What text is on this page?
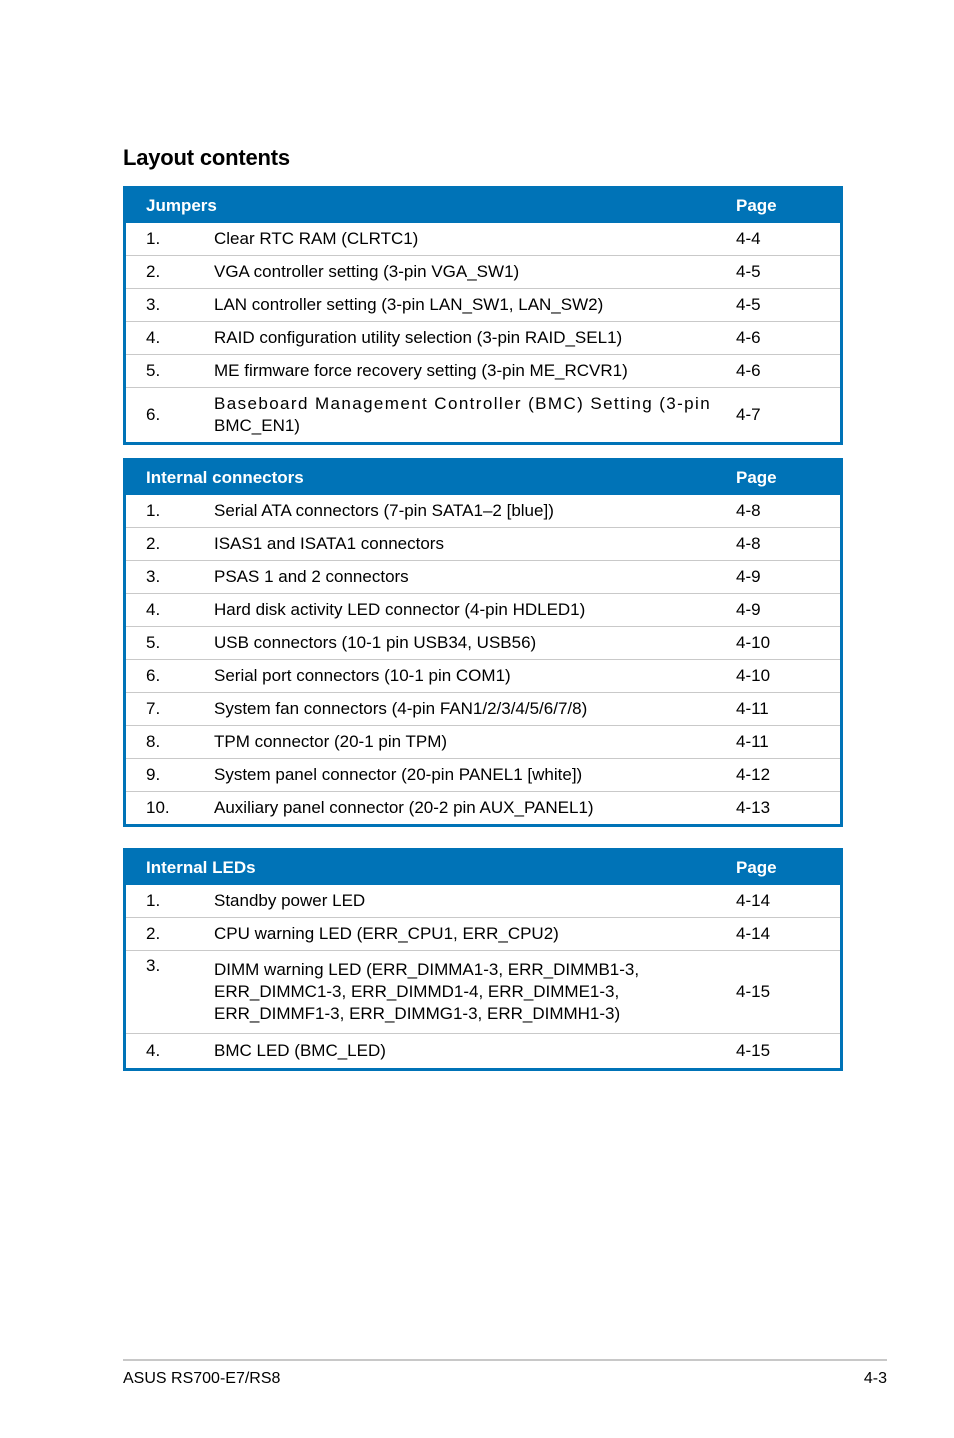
Layout contents
Jumpers		Page
1.	Clear RTC RAM (CLRTC1)	4-4
2.	VGA controller setting (3-pin VGA_SW1)	4-5
3.	LAN controller setting (3-pin LAN_SW1, LAN_SW2)	4-5
4.	RAID configuration utility selection (3-pin RAID_SEL1)	4-6
5.	ME firmware force recovery setting (3-pin ME_RCVR1)	4-6
6.	Baseboard Management Controller (BMC) Setting (3-pin
BMC_EN1)	4-7
Internal connectors		Page
1.	Serial ATA connectors (7-pin SATA1–2 [blue])	4-8
2.	ISAS1 and ISATA1 connectors	4-8
3.	PSAS 1 and 2 connectors	4-9
4.	Hard disk activity LED connector (4-pin HDLED1)	4-9
5.	USB connectors (10-1 pin USB34, USB56)	4-10
6.	Serial port connectors (10-1 pin COM1)	4-10
7.	System fan connectors (4-pin FAN1/2/3/4/5/6/7/8)	4-11
8.	TPM connector (20-1 pin TPM)	4-11
9.	System panel connector (20-pin PANEL1 [white])	4-12
10.	Auxiliary panel connector (20-2 pin AUX_PANEL1)	4-13
Internal LEDs		Page
1.	Standby power LED	4-14
2.	CPU warning LED (ERR_CPU1, ERR_CPU2)	4-14
3.	DIMM warning LED (ERR_DIMMA1-3, ERR_DIMMB1-3,
ERR_DIMMC1-3, ERR_DIMMD1-4, ERR_DIMME1-3,
ERR_DIMMF1-3, ERR_DIMMG1-3, ERR_DIMMH1-3)	4-15
4.	BMC LED (BMC_LED)	4-15
ASUS RS700-E7/RS8	4-3
